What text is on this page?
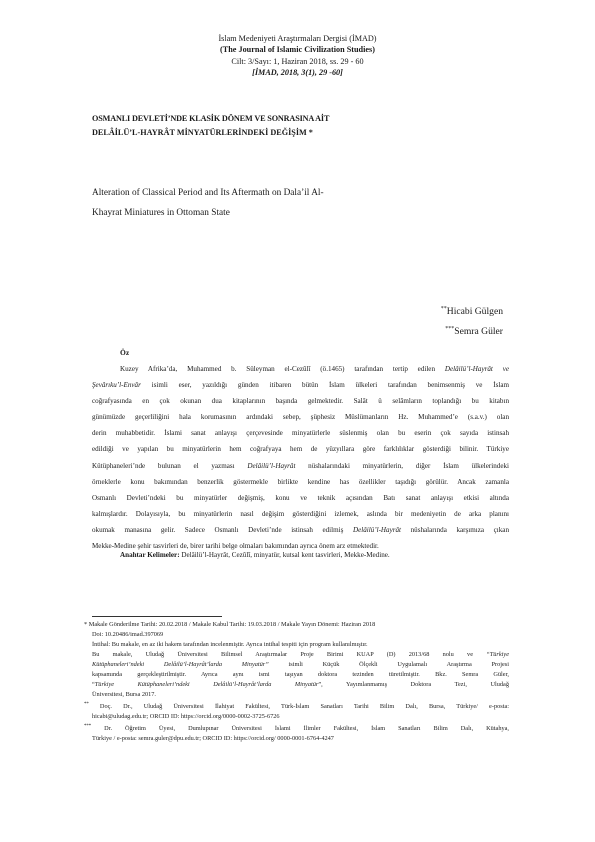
İslam Medeniyeti Araştırmaları Dergisi (İMAD)
(The Journal of Islamic Civilization Studies)
Cilt: 3/Sayı: 1, Haziran 2018, ss. 29 - 60
[İMAD, 2018, 3(1), 29 -60]
OSMANLI DEVLETİ’NDE KLASİK DÖNEM VE SONRASINA AİT
DELÂİLÜ’L-HAYRÂT MİNYATÜRLERİNDEKİ DEĞİŞİM *
Alteration of Classical Period and Its Aftermath on Dala’il Al-
Khayrat Miniatures in Ottoman State
**Hicabi Gülgen
***Semra Güler
Öz
Kuzey Afrika’da, Muhammed b. Süleyman el-Cezûlî (ö.1465) tarafından tertip edilen Delâilü’l-Hayrât ve
Şevârıku’l-Envâr isimli eser, yazıldığı günden itibaren bütün İslam ülkeleri tarafından benimsenmiş ve İslam
coğrafyasında en çok okunan dua kitaplarının başında gelmektedir. Salât ü selâmların toplandığı bu kitabın
günümüzde geçerliliğini hala korumasının ardındaki sebep, şüphesiz Müslümanların Hz. Muhammed’e (s.a.v.) olan
derin muhabbetidir. İslami sanat anlayışı çerçevesinde minyatürlerle süslenmiş olan bu eserin çok sayıda istinsah
edildiği ve yapılan bu minyatürlerin hem coğrafyaya hem de yüzyıllara göre farklılıklar gösterdiği bilinir. Türkiye
Kütüphaneleri’nde bulunan el yazması Delâilü’l-Hayrât nüshalarındaki minyatürlerin, diğer İslam ülkelerindeki
örneklerle konu bakımından benzerlik göstermekle birlikte kendine has özellikler taşıdığı görülür. Ancak zamanla
Osmanlı Devleti’ndeki bu minyatürler değişmiş, konu ve teknik açısından Batı sanat anlayışı etkisi altında
kalmışlardır. Dolayısıyla, bu minyatürlerin nasıl değişim gösterdiğini izlemek, aslında bir medeniyetin de arka planını
okumak manasına gelir. Sadece Osmanlı Devleti’nde istinsah edilmiş Delâilü’l-Hayrât nüshalarında karşımıza çıkan
Mekke-Medine şehir tasvirleri de, birer tarihi belge olmaları bakımından ayrıca önem arz etmektedir.
Anahtar Kelimeler: Delâilü’l-Hayrât, Cezûlî, minyatür, kutsal kent tasvirleri, Mekke-Medine.
* Makale Gönderilme Tarihi: 20.02.2018 / Makale Kabul Tarihi: 19.03.2018 / Makale Yayın Dönemi: Haziran 2018
Doi: 10.20486/imad.397069
İntihal: Bu makale, en az iki hakem tarafından incelenmiştir. Ayrıca intihal tespiti için program kullanılmıştır.
Bu makale, Uludağ Üniversitesi Bilimsel Araştırmalar Proje Birimi KUAP (D) 2013/68 nolu ve “Türkiye
Kütüphaneleri’ndeki Delâilü’l-Hayrât’larda Minyatür” isimli Küçük Ölçekli Uygulamalı Araştırma Projesi
kapsamında gerçekleştirilmiştir. Ayrıca aynı ismi taşıyan doktora tezinden türetilmiştir. Bkz. Semra Güler,
“Türkiye Kütüphaneleri’ndeki Delâilü’l-Hayrât’larda Minyatür”, Yayımlanmamış Doktora Tezi, Uludağ
Üniversitesi, Bursa 2017.
** Doç. Dr., Uludağ Üniversitesi İlahiyat Fakültesi, Türk-İslam Sanatları Tarihi Bilim Dalı, Bursa, Türkiye/ e-posta:
hicabi@uludag.edu.tr; ORCID ID: https://orcid.org/0000-0002-3725-6726
*** Dr. Öğretim Üyesi, Dumlupınar Üniversitesi İslami İlimler Fakültesi, İslam Sanatları Bilim Dalı, Kütahya,
Türkiye / e-posta: semra.guler@dpu.edu.tr; ORCID ID: https://orcid.org/ 0000-0001-6764-4247
